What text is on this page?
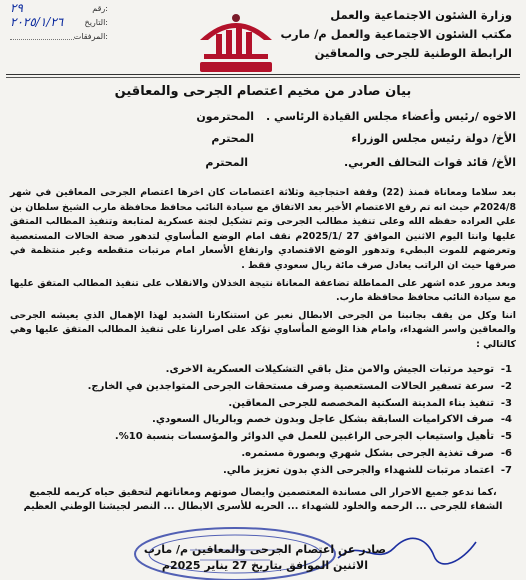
وزارة الشئون الاجتماعية والعمل
مكتب الشئون الاجتماعية والعمل م/ مارب
الرابطة الوطنية للجرحى والمعاقين
رقم:
٢٩
التاريخ:
٢٠٢٥/١/٢٦
المرفقات:
بيان صادر من مخيم اعتصام الجرحى والمعاقين
الاخوه /رئيس وأعضاء مجلس القيادة الرئاسي .
المحترمون
الأخ/ دولة رئيس مجلس الوزراء
المحترم
الأخ/ قائد قوات التحالف العربي.
المحترم

بعد سلاما ومعاناة فمنذ (22) وقفة احتجاجية وثلاثة اعتصامات كان اخرها اعتصام الجرحى المعاقين في شهر 2024/8م حيث انه تم رفع الاعتصام الأخير بعد الاتفاق مع سيادة النائب محافظ محافظة مارب الشيخ سلطان بن علي العراده حفظه الله وعلى تنفيذ مطالب الجرحى وتم تشكيل لجنة عسكرية لمتابعة وتنفيذ المطالب المتفق عليها وانتا اليوم الاثنين الموافق 27 /2025/1م نقف امام الوضع المأساوي لتدهور صحة الحالات المستعصية وتعرضهم للموت البطيء وتدهور الوضع الاقتصادي وارتفاع الأسعار امام مرتبات متقطعه وغير منتظمة في صرفها حيث ان الراتب يعادل صرف مائة ريال سعودي فقط .

وبعد مرور عده اشهر على المماطلة تضاعفة المعاناة نتيجة الخذلان والانقلاب على تنفيذ المطالب المتفق عليها مع سيادة النائب محافظ محافظة مارب.

اننا وكل من يقف بجانبنا من الجرحى الابطال نعبر عن استنكارنا الشديد لهذا الإهمال الذي يعيشه الجرحى والمعاقين واسر الشهداء، وامام هذا الوضع المأساوي نؤكد على اصرارنا على تنفيذ المطالب المتفق عليها وهي كالتالي :

1-
توحيد مرتبات الجيش والامن مثل باقي التشكيلات العسكرية الاخرى.
2-
سرعة تسفير الحالات المستعصية وصرف مستحقات الجرحى المتواجدين في الخارج.
3-
تنفيذ بناء المدينة السكنية المخصصه للجرحى المعاقين.
4-
صرف الاكراميات السابقة بشكل عاجل وبدون خصم وبالريال السعودي.
5-
تأهيل واستيعاب الجرحى الراغبين للعمل في الدوائر والمؤسسات بنسبة 10%.
6-
صرف تغذية الجرحى بشكل شهري وبصورة مستمره.
7-
اعتماد مرتبات للشهداء والجرحى الذي بدون تعزيز مالي.
،كما ندعو جميع الاحرار الى مساندة المعتصمين وايصال صوتهم ومعاناتهم لتحقيق حياه كريمه للجميع
الشفاء للجرحى ... الرحمه والخلود للشهداء ... الحريه للأسرى الابطال ... النصر لجيشنا الوطني العظيم
صادر عن اعتصام الجرحى والمعاقين م/ مارب
الاثنين الموافق بتاريخ 27 يناير 2025م
